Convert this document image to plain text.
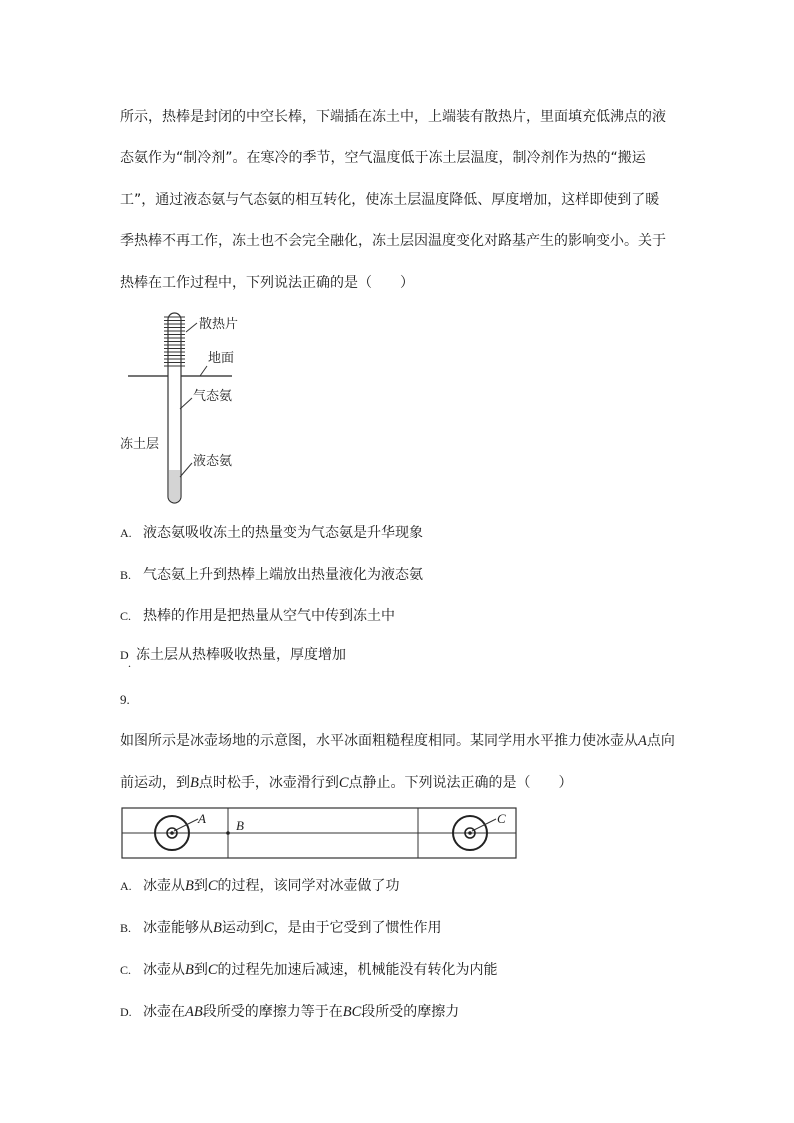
所示，热棒是封闭的中空长棒，下端插在冻土中，上端装有散热片，里面填充低沸点的液
态氨作为“制冷剂”。在寒冷的季节，空气温度低于冻土层温度，制冷剂作为热的“搬运
工”，通过液态氨与气态氨的相互转化，使冻土层温度降低、厚度增加，这样即使到了暖
季热棒不再工作，冻土也不会完全融化，冻土层因温度变化对路基产生的影响变小。关于
热棒在工作过程中，下列说法正确的是（　　）
散热片
地面
气态氨
冻土层
液态氨
A. 液态氨吸收冻土的热量变为气态氨是升华现象
B. 气态氨上升到热棒上端放出热量液化为液态氨
C. 热棒的作用是把热量从空气中传到冻土中
D 冻土层从热棒吸收热量，厚度增加
.
9.
如图所示是冰壶场地的示意图，水平冰面粗糙程度相同。某同学用水平推力使冰壶从A点向
前运动，到B点时松手，冰壶滑行到C点静止。下列说法正确的是（　　）
A B	C
A. 冰壶从B到C的过程，该同学对冰壶做了功
B. 冰壶能够从B运动到C，是由于它受到了惯性作用
C. 冰壶从B到C的过程先加速后减速，机械能没有转化为内能
D. 冰壶在AB段所受的摩擦力等于在BC段所受的摩擦力
